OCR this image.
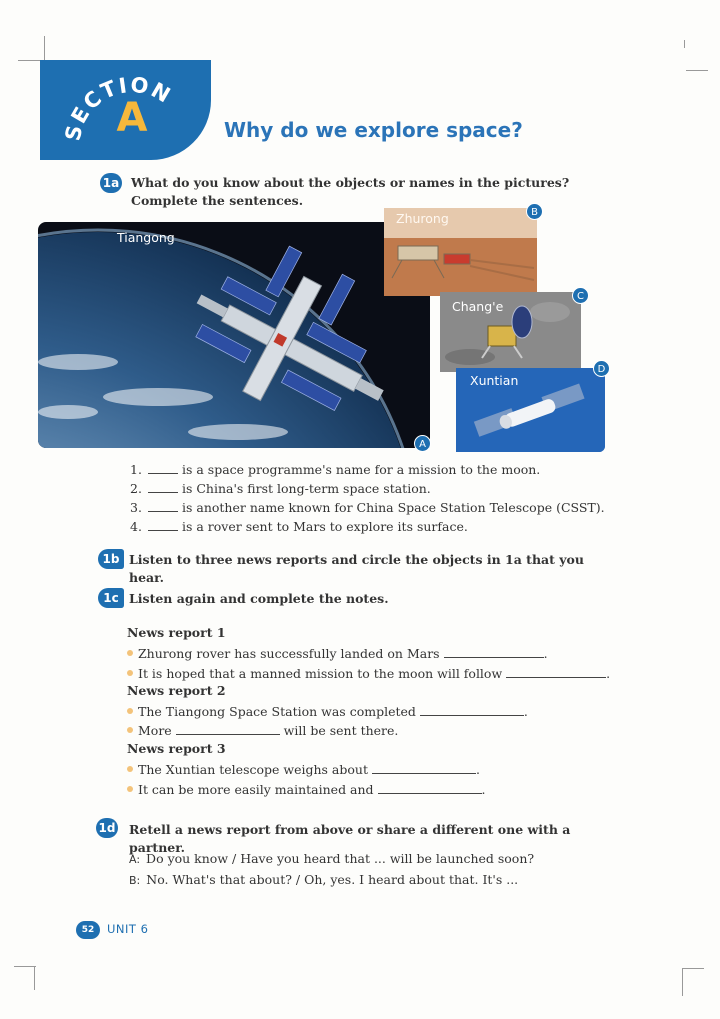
SECTION
A	Why do we explore space?
1a What do you know about the objects or names in the pictures? Complete the sentences.
Tiangong
A
Zhurong	B
Chang'e
C
Xuntian
D
1.	is a space programme's name for a mission to the moon.
2.	is China's first long-term space station.
3.	is another name known for China Space Station Telescope (CSST).
4.	is a rover sent to Mars to explore its surface.
1b Listen to three news reports and circle the objects in 1a that you hear.
1c Listen again and complete the notes.
News report 1
Zhurong rover has successfully landed on Mars	.
It is hoped that a manned mission to the moon will follow	.
News report 2
The Tiangong Space Station was completed	.
More	will be sent there.
News report 3
The Xuntian telescope weighs about	.
It can be more easily maintained and	.
1d Retell a news report from above or share a different one with a partner.
A: Do you know / Have you heard that ... will be launched soon?
B: No. What's that about? / Oh, yes. I heard about that. It's ...
52	UNIT 6
